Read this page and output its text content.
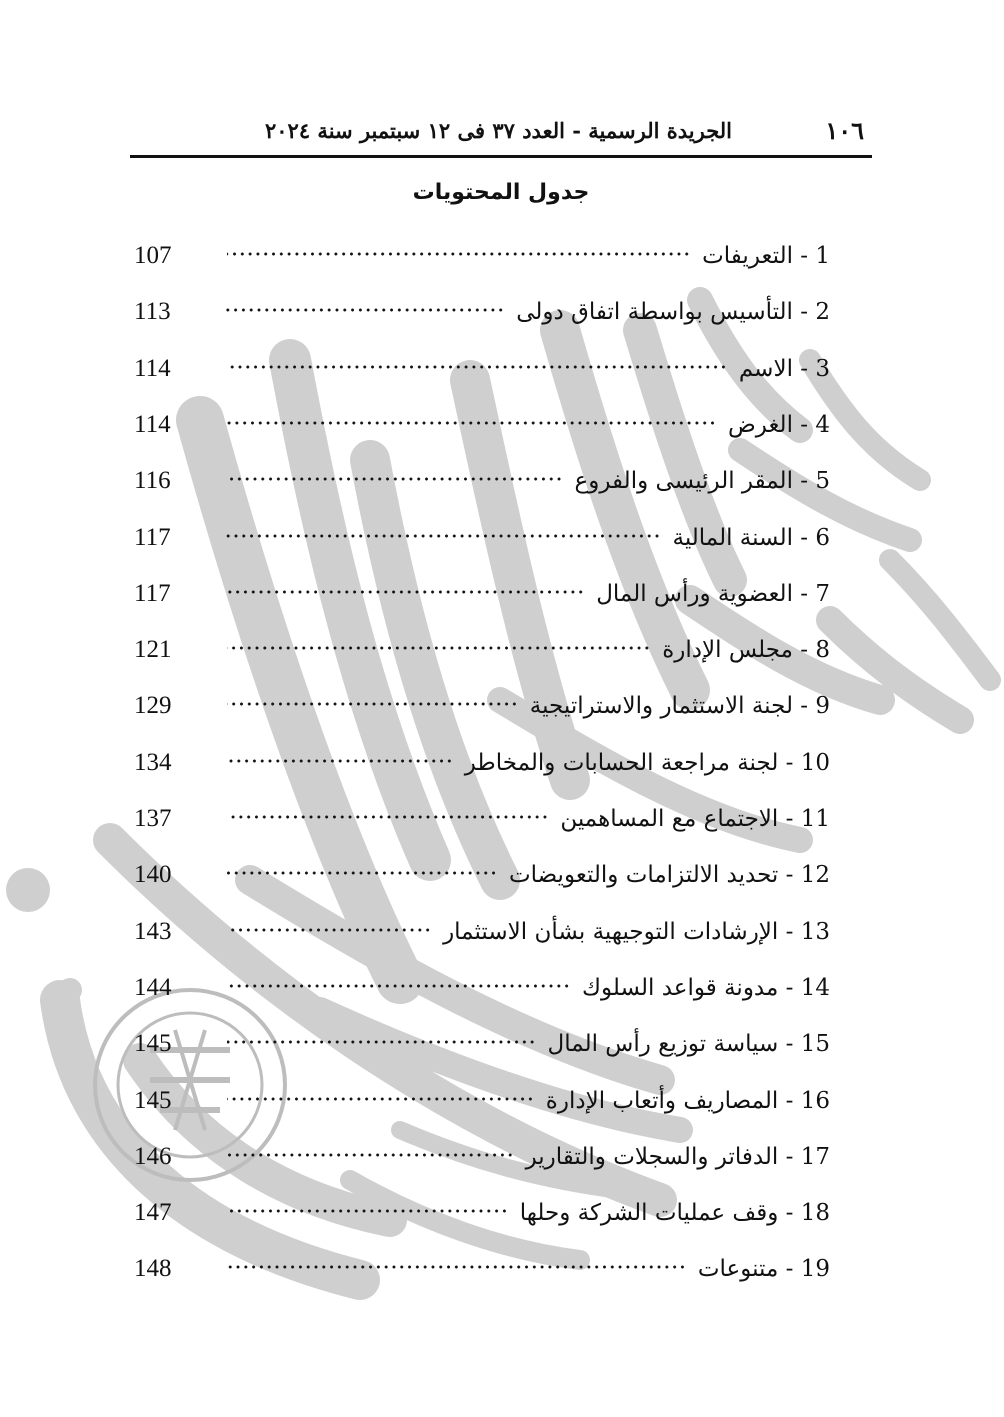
١٠٦
الجريدة الرسمية - العدد ٣٧ فى ١٢ سبتمبر سنة ٢٠٢٤
جدول المحتويات
1 - التعريفات
107
2 - التأسيس بواسطة اتفاق دولى
113
3 - الاسم
114
4 - الغرض
114
5 - المقر الرئيسى والفروع
116
6 - السنة المالية
117
7 - العضوية ورأس المال
117
8 - مجلس الإدارة
121
9 - لجنة الاستثمار والاستراتيجية
129
10 - لجنة مراجعة الحسابات والمخاطر
134
11 - الاجتماع مع المساهمين
137
12 - تحديد الالتزامات والتعويضات
140
13 - الإرشادات التوجيهية بشأن الاستثمار
143
14 - مدونة قواعد السلوك
144
15 - سياسة توزيع رأس المال
145
16 - المصاريف وأتعاب الإدارة
145
17 - الدفاتر والسجلات والتقارير
146
18 - وقف عمليات الشركة وحلها
147
19 - متنوعات
148
